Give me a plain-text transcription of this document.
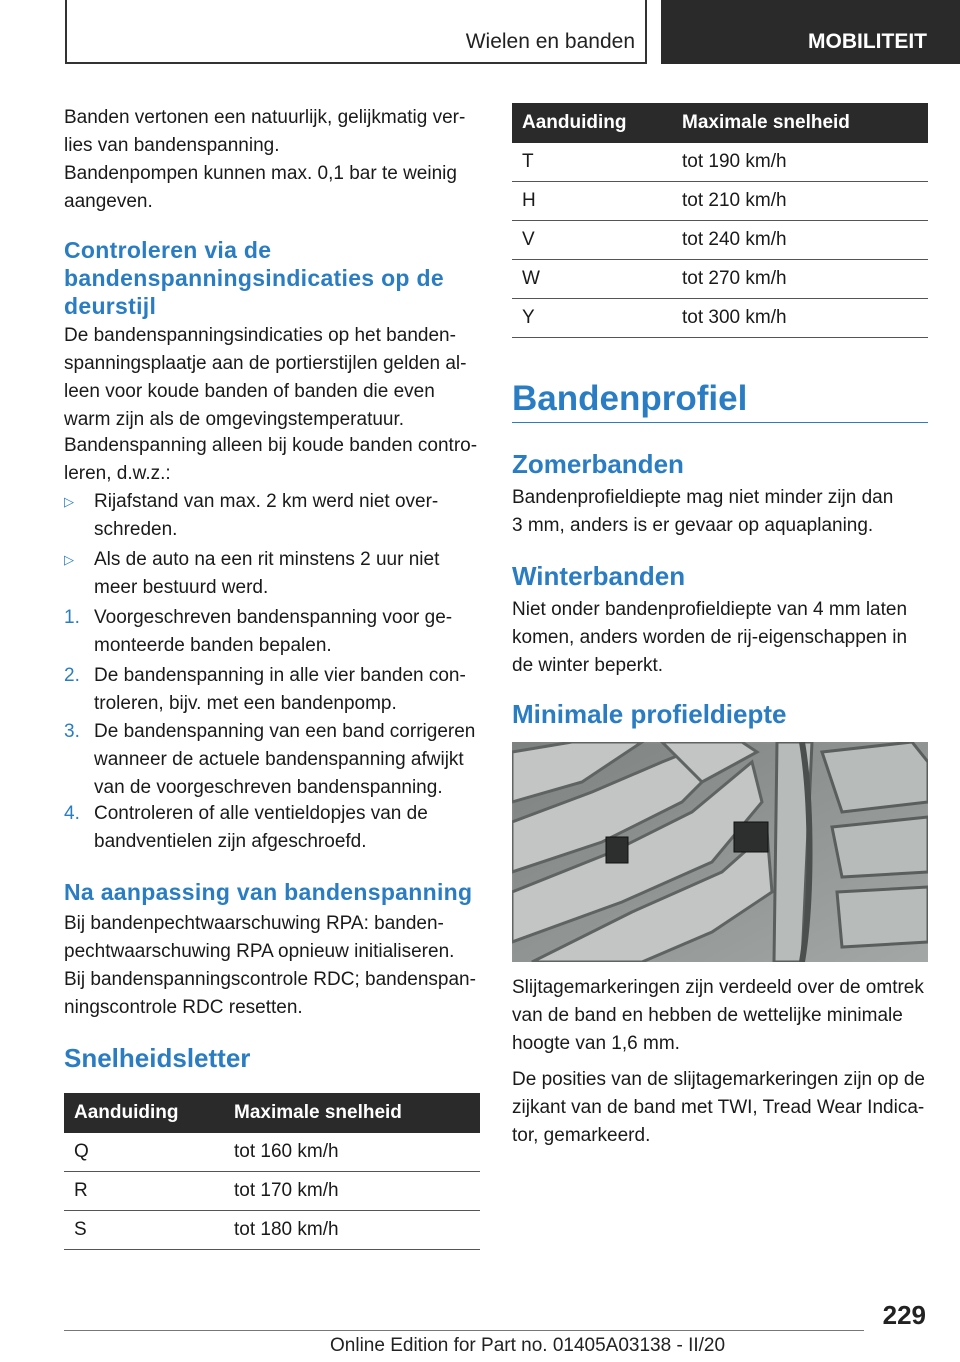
Wielen en banden	MOBILITEIT

Banden vertonen een natuurlijk, gelijkmatig ver-
lies van bandenspanning.

Bandenpompen kunnen max. 0,1 bar te weinig
aangeven.

Controleren via de bandenspanningsindicaties op de deurstijl

De bandenspanningsindicaties op het banden-
spanningsplaatje aan de portierstijlen gelden al-
leen voor koude banden of banden die even
warm zijn als de omgevingstemperatuur.

Bandenspanning alleen bij koude banden contro-
leren, d.w.z.:

▷ Rijafstand van max. 2 km werd niet over-
schreden.
▷ Als de auto na een rit minstens 2 uur niet
meer bestuurd werd.
1. Voorgeschreven bandenspanning voor ge-
monteerde banden bepalen.
2. De bandenspanning in alle vier banden con-
troleren, bijv. met een bandenpomp.
3. De bandenspanning van een band corrigeren
wanneer de actuele bandenspanning afwijkt
van de voorgeschreven bandenspanning.
4. Controleren of alle ventieldopjes van de
bandventielen zijn afgeschroefd.
Na aanpassing van bandenspanning

Bij bandenpechtwaarschuwing RPA: banden-
pechtwaarschuwing RPA opnieuw initialiseren.

Bij bandenspanningscontrole RDC; bandenspan-
ningscontrole RDC resetten.

Snelheidsletter
Aanduiding	Maximale snelheid
Q	tot 160 km/h
R	tot 170 km/h
S	tot 180 km/h
Aanduiding	Maximale snelheid
T	tot 190 km/h
H	tot 210 km/h
V	tot 240 km/h
W	tot 270 km/h
Y	tot 300 km/h
Bandenprofiel
Zomerbanden

Bandenprofieldiepte mag niet minder zijn dan
3 mm, anders is er gevaar op aquaplaning.

Winterbanden

Niet onder bandenprofieldiepte van 4 mm laten
komen, anders worden de rij-eigenschappen in
de winter beperkt.

Minimale profieldiepte

Slijtagemarkeringen zijn verdeeld over de omtrek
van de band en hebben de wettelijke minimale
hoogte van 1,6 mm.

De posities van de slijtagemarkeringen zijn op de
zijkant van de band met TWI, Tread Wear Indica-
tor, gemarkeerd.

229
Online Edition for Part no. 01405A03138 - II/20
